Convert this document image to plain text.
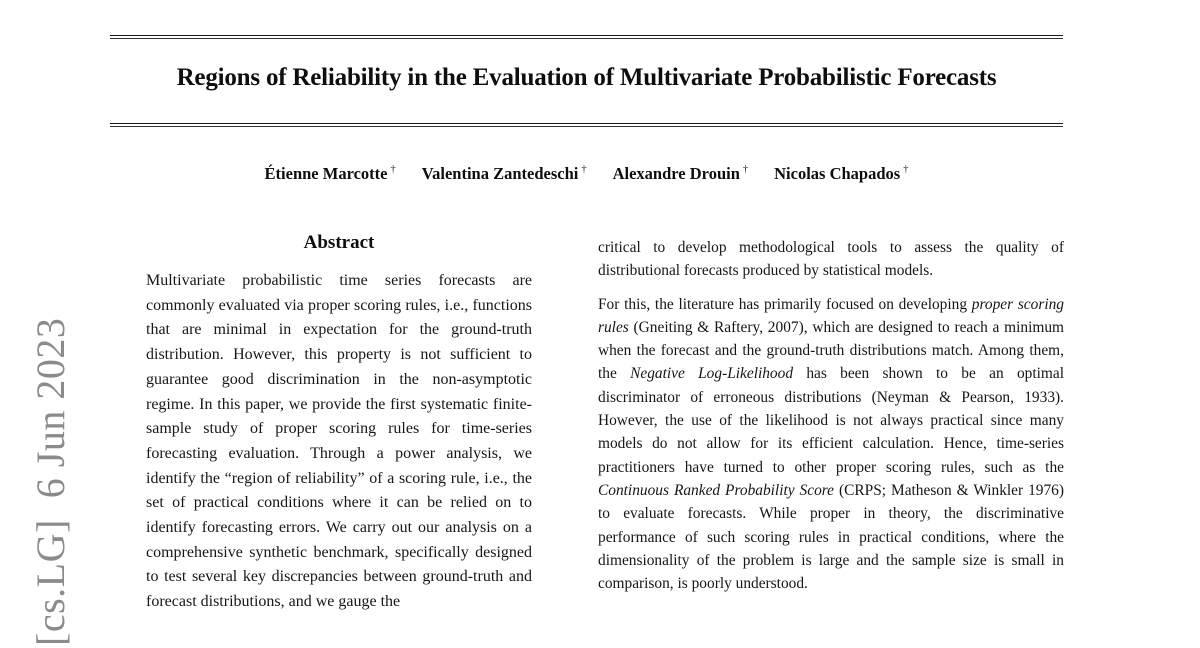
[cs.LG]  6 Jun 2023
Regions of Reliability in the Evaluation of Multivariate Probabilistic Forecasts
Étienne Marcotte † Valentina Zantedeschi † Alexandre Drouin † Nicolas Chapados †
Abstract

Multivariate probabilistic time series forecasts are commonly evaluated via proper scoring rules, i.e., functions that are minimal in expectation for the ground-truth distribution. However, this property is not sufficient to guarantee good discrimination in the non-asymptotic regime. In this paper, we provide the first systematic finite-sample study of proper scoring rules for time-series forecasting evaluation. Through a power analysis, we identify the “region of reliability” of a scoring rule, i.e., the set of practical conditions where it can be relied on to identify forecasting errors. We carry out our analysis on a comprehensive synthetic benchmark, specifically designed to test several key discrepancies between ground-truth and forecast distributions, and we gauge the

critical to develop methodological tools to assess the quality of distributional forecasts produced by statistical models.

For this, the literature has primarily focused on developing proper scoring rules (Gneiting & Raftery, 2007), which are designed to reach a minimum when the forecast and the ground-truth distributions match. Among them, the Negative Log-Likelihood has been shown to be an optimal discriminator of erroneous distributions (Neyman & Pearson, 1933). However, the use of the likelihood is not always practical since many models do not allow for its efficient calculation. Hence, time-series practitioners have turned to other proper scoring rules, such as the Continuous Ranked Probability Score (CRPS; Matheson & Winkler 1976) to evaluate forecasts. While proper in theory, the discriminative performance of such scoring rules in practical conditions, where the dimensionality of the problem is large and the sample size is small in comparison, is poorly understood.
